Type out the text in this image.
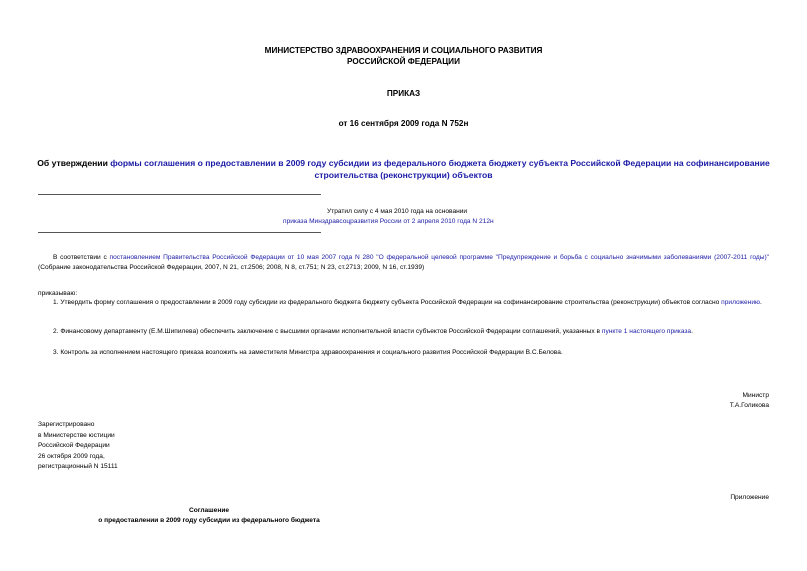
МИНИСТЕРСТВО ЗДРАВООХРАНЕНИЯ И СОЦИАЛЬНОГО РАЗВИТИЯ
РОССИЙСКОЙ ФЕДЕРАЦИИ
ПРИКАЗ
от 16 сентября 2009 года N 752н
Об утверждении формы соглашения о предоставлении в 2009 году субсидии из федерального бюджета бюджету субъекта Российской Федерации на софинансирование строительства (реконструкции) объектов
Утратил силу с 4 мая 2010 года на основании
приказа Минздравсоцразвития России от 2 апреля 2010 года N 212н
В соответствии с постановлением Правительства Российской Федерации от 10 мая 2007 года N 280 "О федеральной целевой программе "Предупреждение и борьба с социально значимыми заболеваниями (2007-2011 годы)" (Собрание законодательства Российской Федерации, 2007, N 21, ст.2506; 2008, N 8, ст.751; N 23, ст.2713; 2009, N 16, ст.1939)
приказываю:
1. Утвердить форму соглашения о предоставлении в 2009 году субсидии из федерального бюджета бюджету субъекта Российской Федерации на софинансирование строительства (реконструкции) объектов согласно приложению.
2. Финансовому департаменту (Е.М.Шипилева) обеспечить заключение с высшими органами исполнительной власти субъектов Российской Федерации соглашений, указанных в пункте 1 настоящего приказа.
3. Контроль за исполнением настоящего приказа возложить на заместителя Министра здравоохранения и социального развития Российской Федерации В.С.Белова.
Министр
Т.А.Голикова
Зарегистрировано
в Министерстве юстиции
Российской Федерации
26 октября 2009 года,
регистрационный N 15111
Приложение
Соглашение
о предоставлении в 2009 году субсидии из федерального бюджета
